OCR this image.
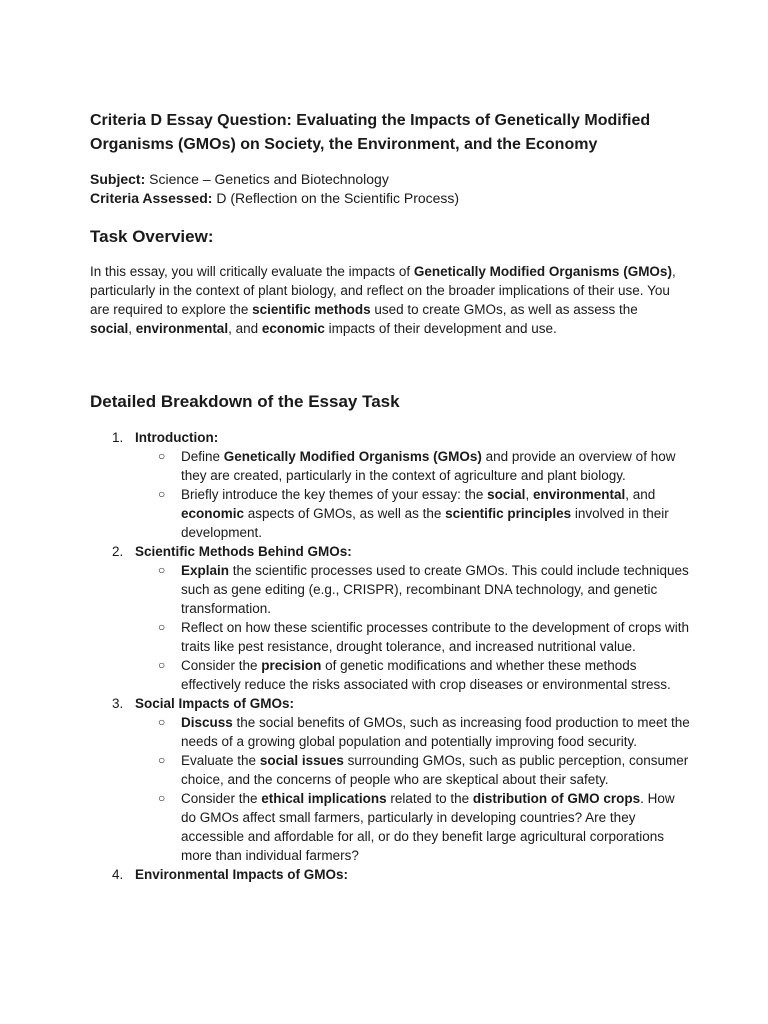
Criteria D Essay Question: Evaluating the Impacts of Genetically Modified Organisms (GMOs) on Society, the Environment, and the Economy
Subject: Science – Genetics and Biotechnology
Criteria Assessed: D (Reflection on the Scientific Process)
Task Overview:

In this essay, you will critically evaluate the impacts of Genetically Modified Organisms (GMOs), particularly in the context of plant biology, and reflect on the broader implications of their use. You are required to explore the scientific methods used to create GMOs, as well as assess the social, environmental, and economic impacts of their development and use.

Detailed Breakdown of the Essay Task
1. Introduction:
○ Define Genetically Modified Organisms (GMOs) and provide an overview of how they are created, particularly in the context of agriculture and plant biology.
○ Briefly introduce the key themes of your essay: the social, environmental, and economic aspects of GMOs, as well as the scientific principles involved in their development.
2. Scientific Methods Behind GMOs:
○ Explain the scientific processes used to create GMOs. This could include techniques such as gene editing (e.g., CRISPR), recombinant DNA technology, and genetic transformation.
○ Reflect on how these scientific processes contribute to the development of crops with traits like pest resistance, drought tolerance, and increased nutritional value.
○ Consider the precision of genetic modifications and whether these methods effectively reduce the risks associated with crop diseases or environmental stress.
3. Social Impacts of GMOs:
○ Discuss the social benefits of GMOs, such as increasing food production to meet the needs of a growing global population and potentially improving food security.
○ Evaluate the social issues surrounding GMOs, such as public perception, consumer choice, and the concerns of people who are skeptical about their safety.
○ Consider the ethical implications related to the distribution of GMO crops. How do GMOs affect small farmers, particularly in developing countries? Are they accessible and affordable for all, or do they benefit large agricultural corporations more than individual farmers?
4. Environmental Impacts of GMOs:
